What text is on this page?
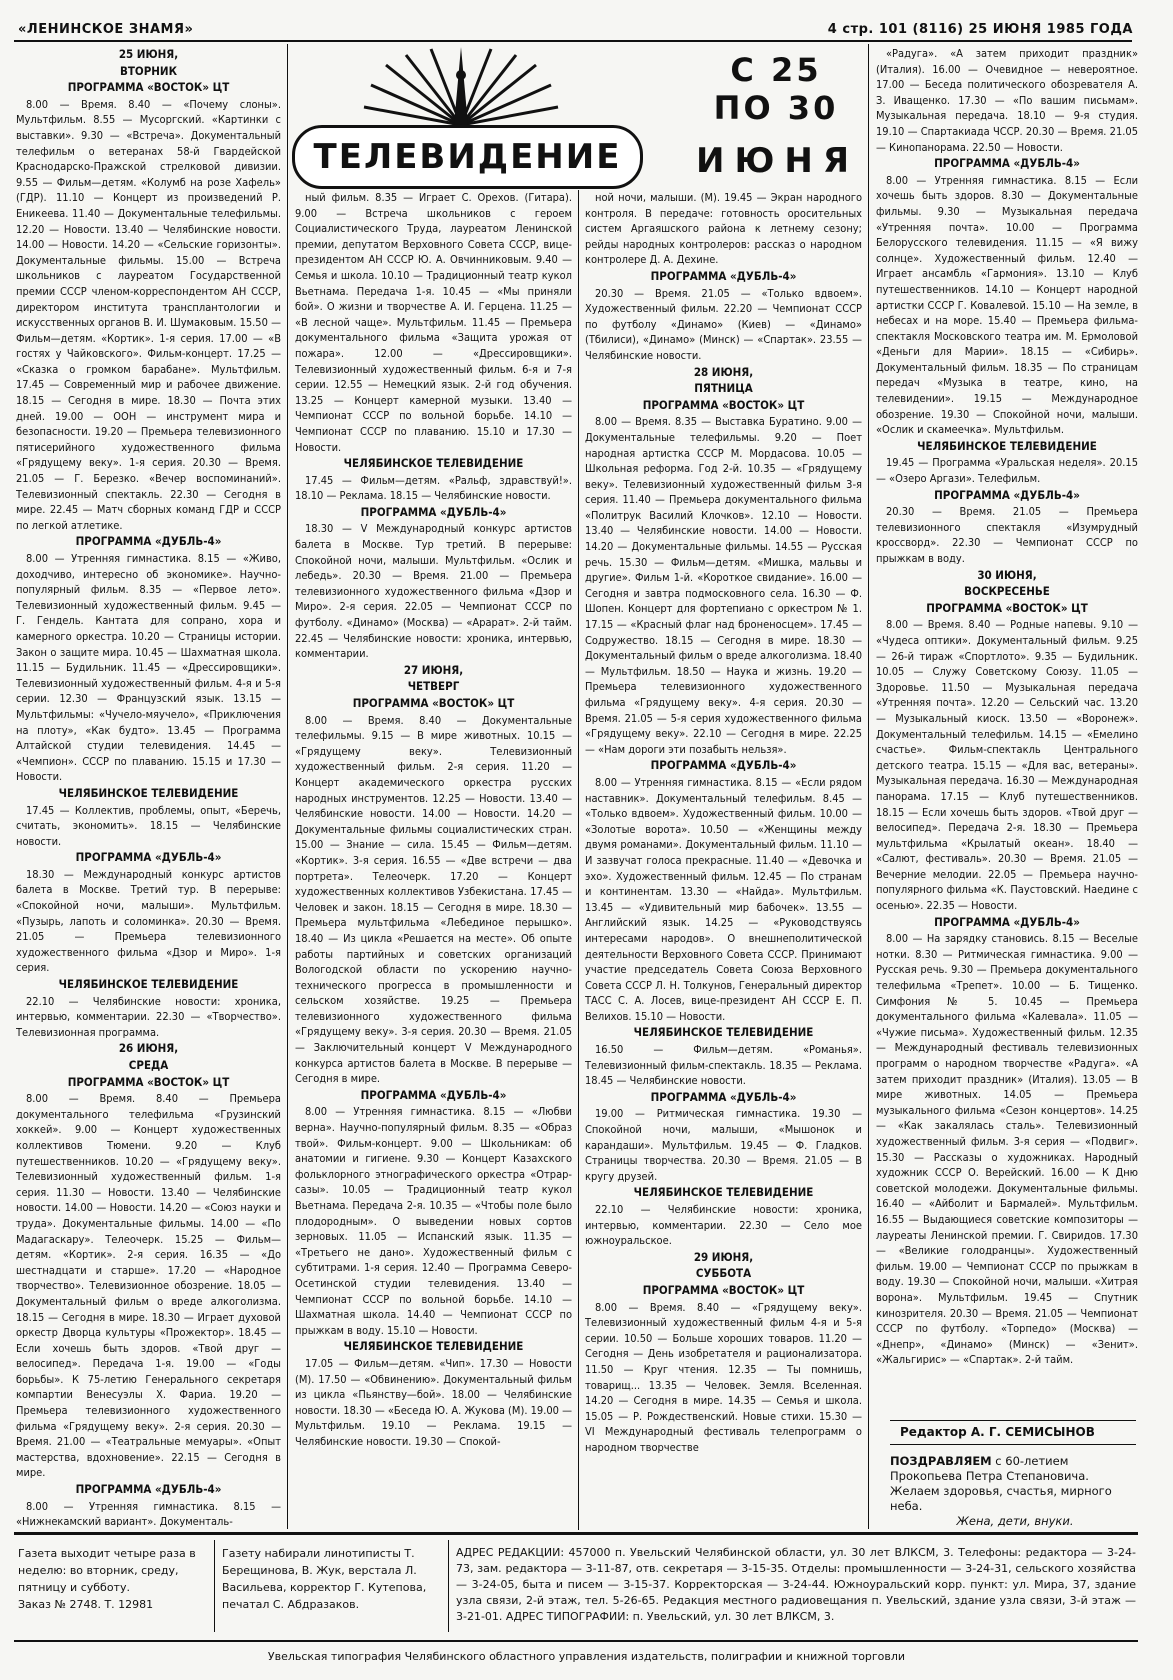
«ЛЕНИНСКОЕ ЗНАМЯ»	4 стр. 101 (8116) 25 ИЮНЯ 1985 ГОДА
ТЕЛЕВИДЕНИЕ
С 25 ПО 30
ИЮНЯ
25 ИЮНЯ,
ВТОРНИК
ПРОГРАММА «ВОСТОК» ЦТ

8.00 — Время. 8.40 — «Почему слоны». Мультфильм. 8.55 — Мусоргский. «Картинки с выставки». 9.30 — «Встреча». Документальный телефильм о ветеранах 58-й Гвардейской Краснодарско-Пражской стрелковой дивизии. 9.55 — Фильм—детям. «Колумб на розе Хафель» (ГДР). 11.10 — Концерт из произведений Р. Еникеева. 11.40 — Документальные телефильмы. 12.20 — Новости. 13.40 — Челябинские новости. 14.00 — Новости. 14.20 — «Сельские горизонты». Документальные фильмы. 15.00 — Встреча школьников с лауреатом Государственной премии СССР членом-корреспондентом АН СССР, директором института трансплантологии и искусственных органов В. И. Шумаковым. 15.50 — Фильм—детям. «Кортик». 1-я серия. 17.00 — «В гостях у Чайковского». Фильм-концерт. 17.25 — «Сказка о громком барабане». Мультфильм. 17.45 — Современный мир и рабочее движение. 18.15 — Сегодня в мире. 18.30 — Почта этих дней. 19.00 — ООН — инструмент мира и безопасности. 19.20 — Премьера телевизионного пятисерийного художественного фильма «Грядущему веку». 1-я серия. 20.30 — Время. 21.05 — Г. Березко. «Вечер воспоминаний». Телевизионный спектакль. 22.30 — Сегодня в мире. 22.45 — Матч сборных команд ГДР и СССР по легкой атлетике.

ПРОГРАММА «ДУБЛЬ-4»

8.00 — Утренняя гимнастика. 8.15 — «Живо, доходчиво, интересно об экономике». Научно-популярный фильм. 8.35 — «Первое лето». Телевизионный художественный фильм. 9.45 — Г. Гендель. Кантата для сопрано, хора и камерного оркестра. 10.20 — Страницы истории. Закон о защите мира. 10.45 — Шахматная школа. 11.15 — Будильник. 11.45 — «Дрессировщики». Телевизионный художественный фильм. 4-я и 5-я серии. 12.30 — Французский язык. 13.15 — Мультфильмы: «Чучело-мяучело», «Приключения на плоту», «Как будто». 13.45 — Программа Алтайской студии телевидения. 14.45 — «Чемпион». СССР по плаванию. 15.15 и 17.30 — Новости.

ЧЕЛЯБИНСКОЕ ТЕЛЕВИДЕНИЕ

17.45 — Коллектив, проблемы, опыт, «Беречь, считать, экономить». 18.15 — Челябинские новости.

ПРОГРАММА «ДУБЛЬ-4»

18.30 — Международный конкурс артистов балета в Москве. Третий тур. В перерыве: «Спокойной ночи, малыши». Мультфильм. «Пузырь, лапоть и соломинка». 20.30 — Время. 21.05 — Премьера телевизионного художественного фильма «Дзор и Миро». 1-я серия.

ЧЕЛЯБИНСКОЕ ТЕЛЕВИДЕНИЕ

22.10 — Челябинские новости: хроника, интервью, комментарии. 22.30 — «Творчество». Телевизионная программа.

26 ИЮНЯ,
СРЕДА
ПРОГРАММА «ВОСТОК» ЦТ

8.00 — Время. 8.40 — Премьера документального телефильма «Грузинский хоккей». 9.00 — Концерт художественных коллективов Тюмени. 9.20 — Клуб путешественников. 10.20 — «Грядущему веку». Телевизионный художественный фильм. 1-я серия. 11.30 — Новости. 13.40 — Челябинские новости. 14.00 — Новости. 14.20 — «Союз науки и труда». Документальные фильмы. 14.00 — «По Мадагаскару». Телеочерк. 15.25 — Фильм—детям. «Кортик». 2-я серия. 16.35 — «До шестнадцати и старше». 17.20 — «Народное творчество». Телевизионное обозрение. 18.05 — Документальный фильм о вреде алкоголизма. 18.15 — Сегодня в мире. 18.30 — Играет духовой оркестр Дворца культуры «Прожектор». 18.45 — Если хочешь быть здоров. «Твой друг — велосипед». Передача 1-я. 19.00 — «Годы борьбы». К 75-летию Генерального секретаря компартии Венесуэлы Х. Фариа. 19.20 — Премьера телевизионного художественного фильма «Грядущему веку». 2-я серия. 20.30 — Время. 21.00 — «Театральные мемуары». «Опыт мастерства, вдохновение». 22.15 — Сегодня в мире.

ПРОГРАММА «ДУБЛЬ-4»

8.00 — Утренняя гимнастика. 8.15 — «Нижнекамский вариант». Документаль-

ный фильм. 8.35 — Играет С. Орехов. (Гитара). 9.00 — Встреча школьников с героем Социалистического Труда, лауреатом Ленинской премии, депутатом Верховного Совета СССР, вице-президентом АН СССР Ю. А. Овчинниковым. 9.40 — Семья и школа. 10.10 — Традиционный театр кукол Вьетнама. Передача 1-я. 10.45 — «Мы приняли бой». О жизни и творчестве А. И. Герцена. 11.25 — «В лесной чаще». Мультфильм. 11.45 — Премьера документального фильма «Защита урожая от пожара». 12.00 — «Дрессировщики». Телевизионный художественный фильм. 6-я и 7-я серии. 12.55 — Немецкий язык. 2-й год обучения. 13.25 — Концерт камерной музыки. 13.40 — Чемпионат СССР по вольной борьбе. 14.10 — Чемпионат СССР по плаванию. 15.10 и 17.30 — Новости.

ЧЕЛЯБИНСКОЕ ТЕЛЕВИДЕНИЕ

17.45 — Фильм—детям. «Ральф, здравствуй!». 18.10 — Реклама. 18.15 — Челябинские новости.

ПРОГРАММА «ДУБЛЬ-4»

18.30 — V Международный конкурс артистов балета в Москве. Тур третий. В перерыве: Спокойной ночи, малыши. Мультфильм. «Ослик и лебедь». 20.30 — Время. 21.00 — Премьера телевизионного художественного фильма «Дзор и Миро». 2-я серия. 22.05 — Чемпионат СССР по футболу. «Динамо» (Москва) — «Арарат». 2-й тайм. 22.45 — Челябинские новости: хроника, интервью, комментарии.

27 ИЮНЯ,
ЧЕТВЕРГ
ПРОГРАММА «ВОСТОК» ЦТ

8.00 — Время. 8.40 — Документальные телефильмы. 9.15 — В мире животных. 10.15 — «Грядущему веку». Телевизионный художественный фильм. 2-я серия. 11.20 — Концерт академического оркестра русских народных инструментов. 12.25 — Новости. 13.40 — Челябинские новости. 14.00 — Новости. 14.20 — Документальные фильмы социалистических стран. 15.00 — Знание — сила. 15.45 — Фильм—детям. «Кортик». 3-я серия. 16.55 — «Две встречи — два портрета». Телеочерк. 17.20 — Концерт художественных коллективов Узбекистана. 17.45 — Человек и закон. 18.15 — Сегодня в мире. 18.30 — Премьера мультфильма «Лебединое перышко». 18.40 — Из цикла «Решается на месте». Об опыте работы партийных и советских организаций Вологодской области по ускорению научно-технического прогресса в промышленности и сельском хозяйстве. 19.25 — Премьера телевизионного художественного фильма «Грядущему веку». 3-я серия. 20.30 — Время. 21.05 — Заключительный концерт V Международного конкурса артистов балета в Москве. В перерыве — Сегодня в мире.

ПРОГРАММА «ДУБЛЬ-4»

8.00 — Утренняя гимнастика. 8.15 — «Любви верна». Научно-популярный фильм. 8.35 — «Образ твой». Фильм-концерт. 9.00 — Школьникам: об анатомии и гигиене. 9.30 — Концерт Казахского фольклорного этнографического оркестра «Отрар-сазы». 10.05 — Традиционный театр кукол Вьетнама. Передача 2-я. 10.35 — «Чтобы поле было плодородным». О выведении новых сортов зерновых. 11.05 — Испанский язык. 11.35 — «Третьего не дано». Художественный фильм с субтитрами. 1-я серия. 12.40 — Программа Северо-Осетинской студии телевидения. 13.40 — Чемпионат СССР по вольной борьбе. 14.10 — Шахматная школа. 14.40 — Чемпионат СССР по прыжкам в воду. 15.10 — Новости.

ЧЕЛЯБИНСКОЕ ТЕЛЕВИДЕНИЕ

17.05 — Фильм—детям. «Чип». 17.30 — Новости (М). 17.50 — «Обвинению». Документальный фильм из цикла «Пьянству—бой». 18.00 — Челябинские новости. 18.30 — «Беседа Ю. А. Жукова (М). 19.00 — Мультфильм. 19.10 — Реклама. 19.15 — Челябинские новости. 19.30 — Спокой-

ной ночи, малыши. (М). 19.45 — Экран народного контроля. В передаче: готовность оросительных систем Аргаяшского района к летнему сезону; рейды народных контролеров: рассказ о народном контролере Д. А. Дехине.

ПРОГРАММА «ДУБЛЬ-4»

20.30 — Время. 21.05 — «Только вдвоем». Художественный фильм. 22.20 — Чемпионат СССР по футболу «Динамо» (Киев) — «Динамо» (Тбилиси), «Динамо» (Минск) — «Спартак». 23.55 — Челябинские новости.

28 ИЮНЯ,
ПЯТНИЦА
ПРОГРАММА «ВОСТОК» ЦТ

8.00 — Время. 8.35 — Выставка Буратино. 9.00 — Документальные телефильмы. 9.20 — Поет народная артистка СССР М. Мордасова. 10.05 — Школьная реформа. Год 2-й. 10.35 — «Грядущему веку». Телевизионный художественный фильм 3-я серия. 11.40 — Премьера документального фильма «Политрук Василий Клочков». 12.10 — Новости. 13.40 — Челябинские новости. 14.00 — Новости. 14.20 — Документальные фильмы. 14.55 — Русская речь. 15.30 — Фильм—детям. «Мишка, мальвы и другие». Фильм 1-й. «Короткое свидание». 16.00 — Сегодня и завтра подмосковного села. 16.30 — Ф. Шопен. Концерт для фортепиано с оркестром № 1. 17.15 — «Красный флаг над броненосцем». 17.45 — Содружество. 18.15 — Сегодня в мире. 18.30 — Документальный фильм о вреде алкоголизма. 18.40 — Мультфильм. 18.50 — Наука и жизнь. 19.20 — Премьера телевизионного художественного фильма «Грядущему веку». 4-я серия. 20.30 — Время. 21.05 — 5-я серия художественного фильма «Грядущему веку». 22.10 — Сегодня в мире. 22.25 — «Нам дороги эти позабыть нельзя».

ПРОГРАММА «ДУБЛЬ-4»

8.00 — Утренняя гимнастика. 8.15 — «Если рядом наставник». Документальный телефильм. 8.45 — «Только вдвоем». Художественный фильм. 10.00 — «Золотые ворота». 10.50 — «Женщины между двумя романами». Документальный фильм. 11.10 — И зазвучат голоса прекрасные. 11.40 — «Девочка и эхо». Художественный фильм. 12.45 — По странам и континентам. 13.30 — «Найда». Мультфильм. 13.45 — «Удивительный мир бабочек». 13.55 — Английский язык. 14.25 — «Руководствуясь интересами народов». О внешнеполитической деятельности Верховного Совета СССР. Принимают участие председатель Совета Союза Верховного Совета СССР Л. Н. Толкунов, Генеральный директор ТАСС С. А. Лосев, вице-президент АН СССР Е. П. Велихов. 15.10 — Новости.

ЧЕЛЯБИНСКОЕ ТЕЛЕВИДЕНИЕ

16.50 — Фильм—детям. «Романья». Телевизионный фильм-спектакль. 18.35 — Реклама. 18.45 — Челябинские новости.

ПРОГРАММА «ДУБЛЬ-4»

19.00 — Ритмическая гимнастика. 19.30 — Спокойной ночи, малыши, «Мышонок и карандаши». Мультфильм. 19.45 — Ф. Гладков. Страницы творчества. 20.30 — Время. 21.05 — В кругу друзей.

ЧЕЛЯБИНСКОЕ ТЕЛЕВИДЕНИЕ

22.10 — Челябинские новости: хроника, интервью, комментарии. 22.30 — Село мое южноуральское.

29 ИЮНЯ,
СУББОТА
ПРОГРАММА «ВОСТОК» ЦТ

8.00 — Время. 8.40 — «Грядущему веку». Телевизионный художественный фильм 4-я и 5-я серии. 10.50 — Больше хороших товаров. 11.20 — Сегодня — День изобретателя и рационализатора. 11.50 — Круг чтения. 12.35 — Ты помнишь, товарищ... 13.35 — Человек. Земля. Вселенная. 14.20 — Сегодня в мире. 14.35 — Семья и школа. 15.05 — Р. Рождественский. Новые стихи. 15.30 — VI Международный фестиваль телепрограмм о народном творчестве

«Радуга». «А затем приходит праздник» (Италия). 16.00 — Очевидное — невероятное. 17.00 — Беседа политического обозревателя А. З. Иващенко. 17.30 — «По вашим письмам». Музыкальная передача. 18.10 — 9-я студия. 19.10 — Спартакиада ЧССР. 20.30 — Время. 21.05 — Кинопанорама. 22.50 — Новости.

ПРОГРАММА «ДУБЛЬ-4»

8.00 — Утренняя гимнастика. 8.15 — Если хочешь быть здоров. 8.30 — Документальные фильмы. 9.30 — Музыкальная передача «Утренняя почта». 10.00 — Программа Белорусского телевидения. 11.15 — «Я вижу солнце». Художественный фильм. 12.40 — Играет ансамбль «Гармония». 13.10 — Клуб путешественников. 14.10 — Концерт народной артистки СССР Г. Ковалевой. 15.10 — На земле, в небесах и на море. 15.40 — Премьера фильма-спектакля Московского театра им. М. Ермоловой «Деньги для Марии». 18.15 — «Сибирь». Документальный фильм. 18.35 — По страницам передач «Музыка в театре, кино, на телевидении». 19.15 — Международное обозрение. 19.30 — Спокойной ночи, малыши. «Ослик и скамеечка». Мультфильм.

ЧЕЛЯБИНСКОЕ ТЕЛЕВИДЕНИЕ

19.45 — Программа «Уральская неделя». 20.15 — «Озеро Аргази». Телефильм.

ПРОГРАММА «ДУБЛЬ-4»

20.30 — Время. 21.05 — Премьера телевизионного спектакля «Изумрудный кроссворд». 22.30 — Чемпионат СССР по прыжкам в воду.

30 ИЮНЯ,
ВОСКРЕСЕНЬЕ
ПРОГРАММА «ВОСТОК» ЦТ

8.00 — Время. 8.40 — Родные напевы. 9.10 — «Чудеса оптики». Документальный фильм. 9.25 — 26-й тираж «Спортлото». 9.35 — Будильник. 10.05 — Служу Советскому Союзу. 11.05 — Здоровье. 11.50 — Музыкальная передача «Утренняя почта». 12.20 — Сельский час. 13.20 — Музыкальный киоск. 13.50 — «Воронеж». Документальный телефильм. 14.15 — «Емелино счастье». Фильм-спектакль Центрального детского театра. 15.15 — «Для вас, ветераны». Музыкальная передача. 16.30 — Международная панорама. 17.15 — Клуб путешественников. 18.15 — Если хочешь быть здоров. «Твой друг — велосипед». Передача 2-я. 18.30 — Премьера мультфильма «Крылатый океан». 18.40 — «Салют, фестиваль». 20.30 — Время. 21.05 — Вечерние мелодии. 22.05 — Премьера научно-популярного фильма «К. Паустовский. Наедине с осенью». 22.35 — Новости.

ПРОГРАММА «ДУБЛЬ-4»

8.00 — На зарядку становись. 8.15 — Веселые нотки. 8.30 — Ритмическая гимнастика. 9.00 — Русская речь. 9.30 — Премьера документального телефильма «Трепет». 10.00 — Б. Тищенко. Симфония № 5. 10.45 — Премьера документального фильма «Калевала». 11.05 — «Чужие письма». Художественный фильм. 12.35 — Международный фестиваль телевизионных программ о народном творчестве «Радуга». «А затем приходит праздник» (Италия). 13.05 — В мире животных. 14.05 — Премьера музыкального фильма «Сезон концертов». 14.25 — «Как закалялась сталь». Телевизионный художественный фильм. 3-я серия — «Подвиг». 15.30 — Рассказы о художниках. Народный художник СССР О. Верейский. 16.00 — К Дню советской молодежи. Документальные фильмы. 16.40 — «Айболит и Бармалей». Мультфильм. 16.55 — Выдающиеся советские композиторы — лауреаты Ленинской премии. Г. Свиридов. 17.30 — «Великие голодранцы». Художественный фильм. 19.00 — Чемпионат СССР по прыжкам в воду. 19.30 — Спокойной ночи, малыши. «Хитрая ворона». Мультфильм. 19.45 — Спутник кинозрителя. 20.30 — Время. 21.05 — Чемпионат СССР по футболу. «Торпедо» (Москва) — «Днепр», «Динамо» (Минск) — «Зенит». «Жальгирис» — «Спартак». 2-й тайм.

Редактор А. Г. СЕМИСЫНОВ
ПОЗДРАВЛЯЕМ с 60-летием Прокопьева Петра Степановича. Желаем здоровья, счастья, мирного неба.
Жена, дети, внуки.
Газета выходит четыре раза в неделю: во вторник, среду, пятницу и субботу.
Заказ № 2748. Т. 12981
Газету набирали линотиписты Т. Берещинова, В. Жук, верстала Л. Васильева, корректор Г. Кутепова, печатал С. Абдразаков.
АДРЕС РЕДАКЦИИ: 457000 п. Увельский Челябинской области, ул. 30 лет ВЛКСМ, 3. Телефоны: редактора — 3-24-73, зам. редактора — 3-11-87, отв. секретаря — 3-15-35. Отделы: промышленности — 3-24-31, сельского хозяйства — 3-24-05, быта и писем — 3-15-37. Корректорская — 3-24-44. Южноуральский корр. пункт: ул. Мира, 37, здание узла связи, 2-й этаж, тел. 5-26-65. Редакция местного радиовещания п. Увельский, здание узла связи, 3-й этаж — 3-21-01. АДРЕС ТИПОГРАФИИ: п. Увельский, ул. 30 лет ВЛКСМ, 3.
Увельская типография Челябинского областного управления издательств, полиграфии и книжной торговли
